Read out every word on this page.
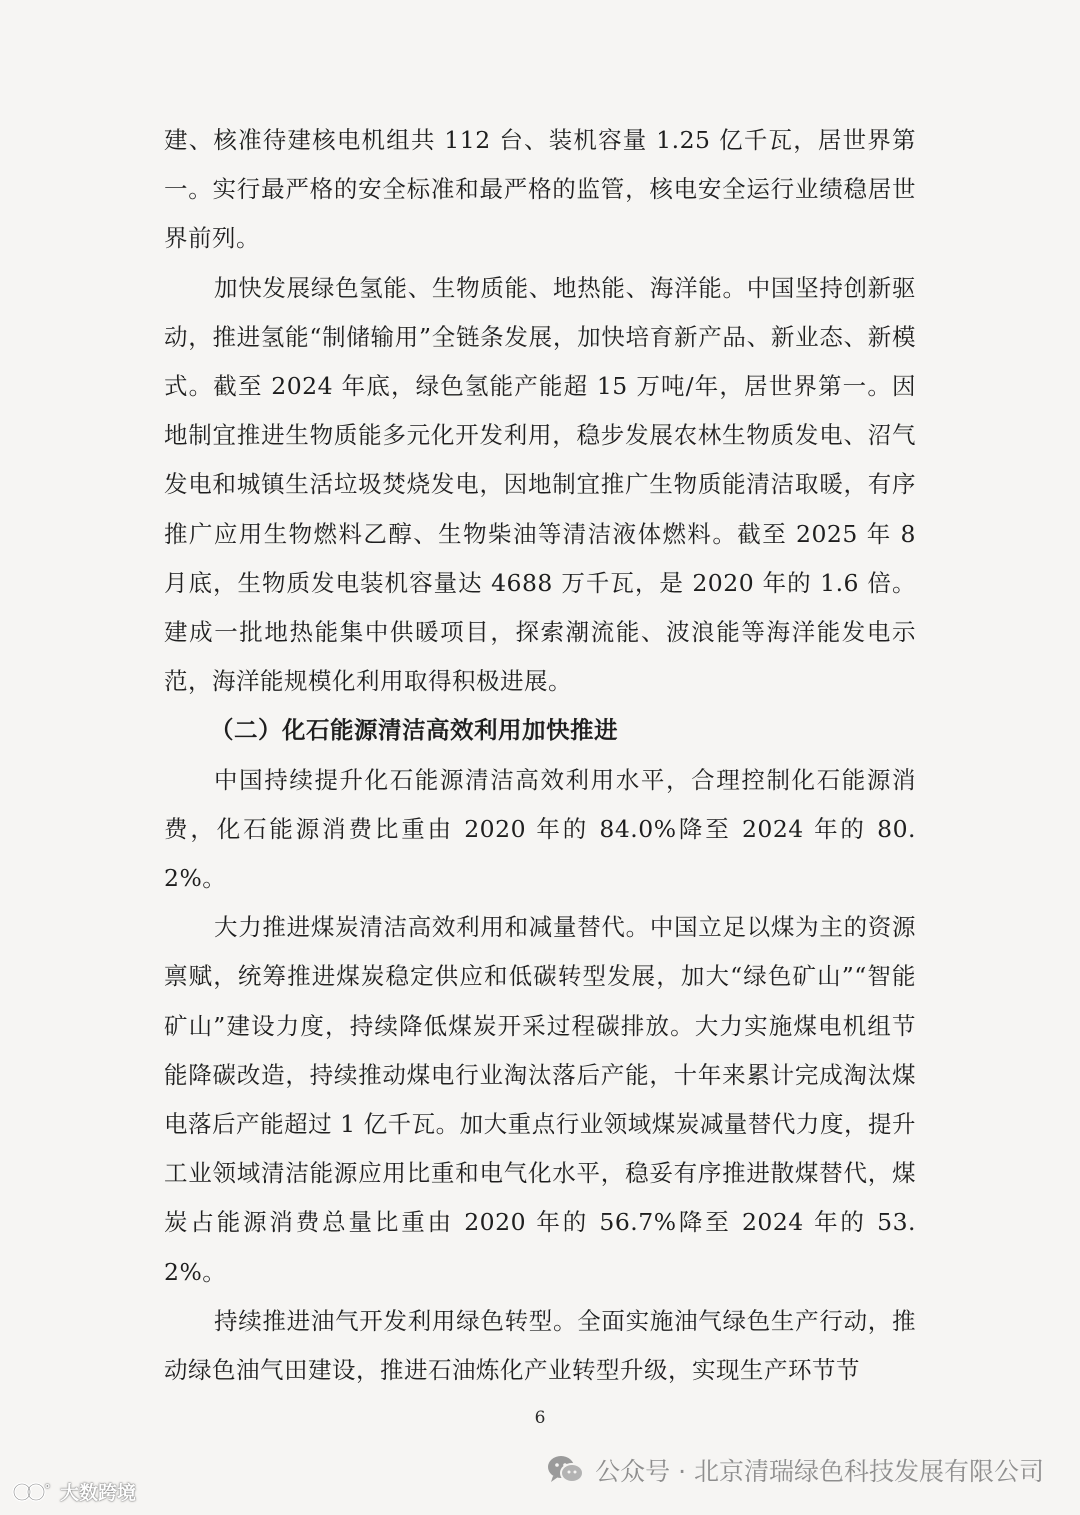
建、核准待建核电机组共 112 台、装机容量 1.25 亿千瓦，居世界第一。实行最严格的安全标准和最严格的监管，核电安全运行业绩稳居世界前列。

加快发展绿色氢能、生物质能、地热能、海洋能。中国坚持创新驱动，推进氢能“制储输用”全链条发展，加快培育新产品、新业态、新模式。截至 2024 年底，绿色氢能产能超 15 万吨/年，居世界第一。因地制宜推进生物质能多元化开发利用，稳步发展农林生物质发电、沼气发电和城镇生活垃圾焚烧发电，因地制宜推广生物质能清洁取暖，有序推广应用生物燃料乙醇、生物柴油等清洁液体燃料。截至 2025 年 8 月底，生物质发电装机容量达 4688 万千瓦，是 2020 年的 1.6 倍。建成一批地热能集中供暖项目，探索潮流能、波浪能等海洋能发电示范，海洋能规模化利用取得积极进展。

（二）化石能源清洁高效利用加快推进

中国持续提升化石能源清洁高效利用水平，合理控制化石能源消费，化石能源消费比重由 2020 年的 84.0%降至 2024 年的 80.2%。

大力推进煤炭清洁高效利用和减量替代。中国立足以煤为主的资源禀赋，统筹推进煤炭稳定供应和低碳转型发展，加大“绿色矿山”“智能矿山”建设力度，持续降低煤炭开采过程碳排放。大力实施煤电机组节能降碳改造，持续推动煤电行业淘汰落后产能，十年来累计完成淘汰煤电落后产能超过 1 亿千瓦。加大重点行业领域煤炭减量替代力度，提升工业领域清洁能源应用比重和电气化水平，稳妥有序推进散煤替代，煤炭占能源消费总量比重由 2020 年的 56.7%降至 2024 年的 53.2%。

持续推进油气开发利用绿色转型。全面实施油气绿色生产行动，推动绿色油气田建设，推进石油炼化产业转型升级，实现生产环节节

6
公众号 · 北京清瑞绿色科技发展有限公司
o 大数跨境
